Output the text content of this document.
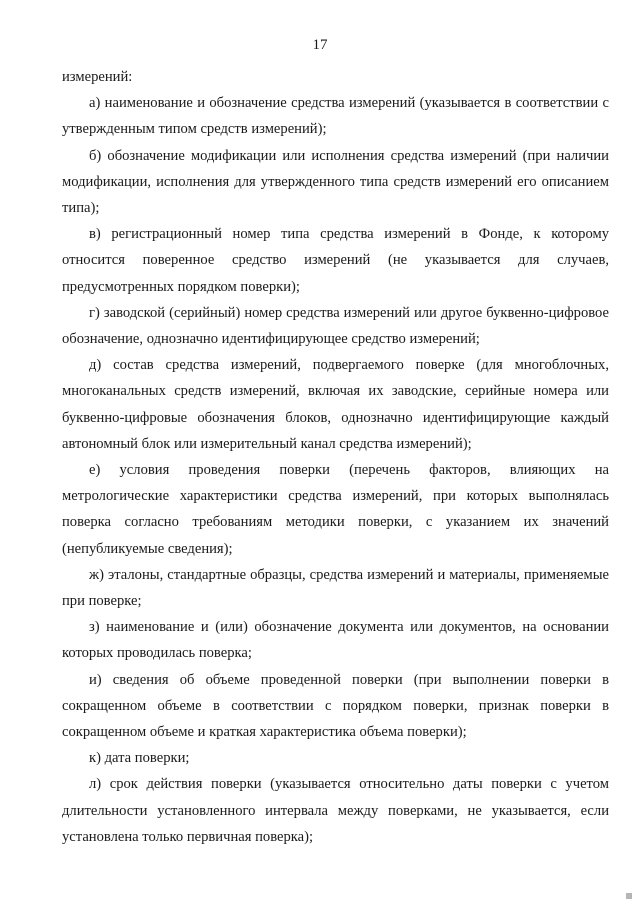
17

измерений:

а) наименование и обозначение средства измерений (указывается в соответствии с утвержденным типом средств измерений);

б) обозначение модификации или исполнения средства измерений (при наличии модификации, исполнения для утвержденного типа средств измерений его описанием типа);

в) регистрационный номер типа средства измерений в Фонде, к которому относится поверенное средство измерений (не указывается для случаев, предусмотренных порядком поверки);

г) заводской (серийный) номер средства измерений или другое буквенно-цифровое обозначение, однозначно идентифицирующее средство измерений;

д) состав средства измерений, подвергаемого поверке (для многоблочных, многоканальных средств измерений, включая их заводские, серийные номера или буквенно-цифровые обозначения блоков, однозначно идентифицирующие каждый автономный блок или измерительный канал средства измерений);

е) условия проведения поверки (перечень факторов, влияющих на метрологические характеристики средства измерений, при которых выполнялась поверка согласно требованиям методики поверки, с указанием их значений (непубликуемые сведения);

ж) эталоны, стандартные образцы, средства измерений и материалы, применяемые при поверке;

з) наименование и (или) обозначение документа или документов, на основании которых проводилась поверка;

и) сведения об объеме проведенной поверки (при выполнении поверки в сокращенном объеме в соответствии с порядком поверки, признак поверки в сокращенном объеме и краткая характеристика объема поверки);

к) дата поверки;

л) срок действия поверки (указывается относительно даты поверки с учетом длительности установленного интервала между поверками, не указывается, если установлена только первичная поверка);
